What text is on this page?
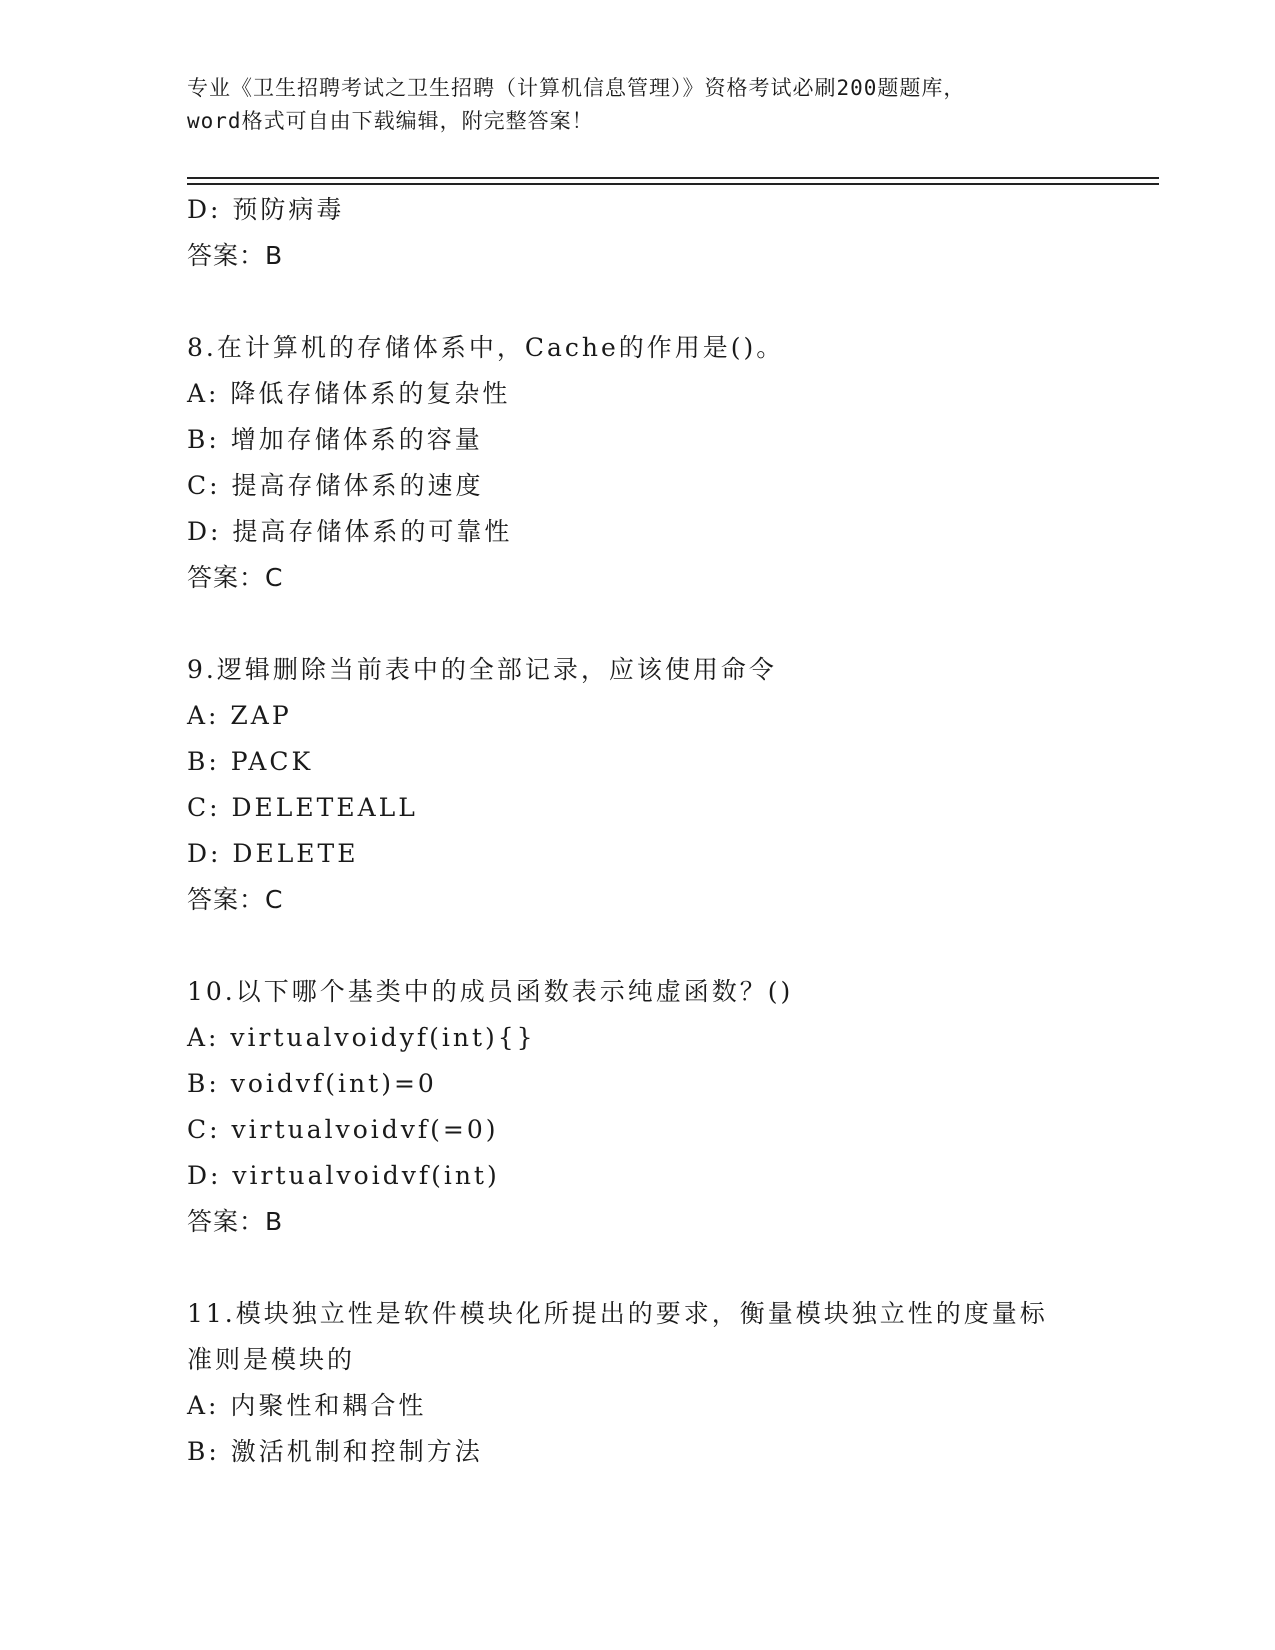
专业《卫生招聘考试之卫生招聘（计算机信息管理）》资格考试必刷200题题库，
word格式可自由下载编辑，附完整答案！
D: 预防病毒
答案：B
8.在计算机的存储体系中，Cache的作用是()。
A: 降低存储体系的复杂性
B: 增加存储体系的容量
C: 提高存储体系的速度
D: 提高存储体系的可靠性
答案：C
9.逻辑删除当前表中的全部记录，应该使用命令
A: ZAP
B: PACK
C: DELETEALL
D: DELETE
答案：C
10.以下哪个基类中的成员函数表示纯虚函数？()
A: virtualvoidyf(int){}
B: voidvf(int)=0
C: virtualvoidvf(=0)
D: virtualvoidvf(int)
答案：B
11.模块独立性是软件模块化所提出的要求，衡量模块独立性的度量标
准则是模块的
A: 内聚性和耦合性
B: 激活机制和控制方法
